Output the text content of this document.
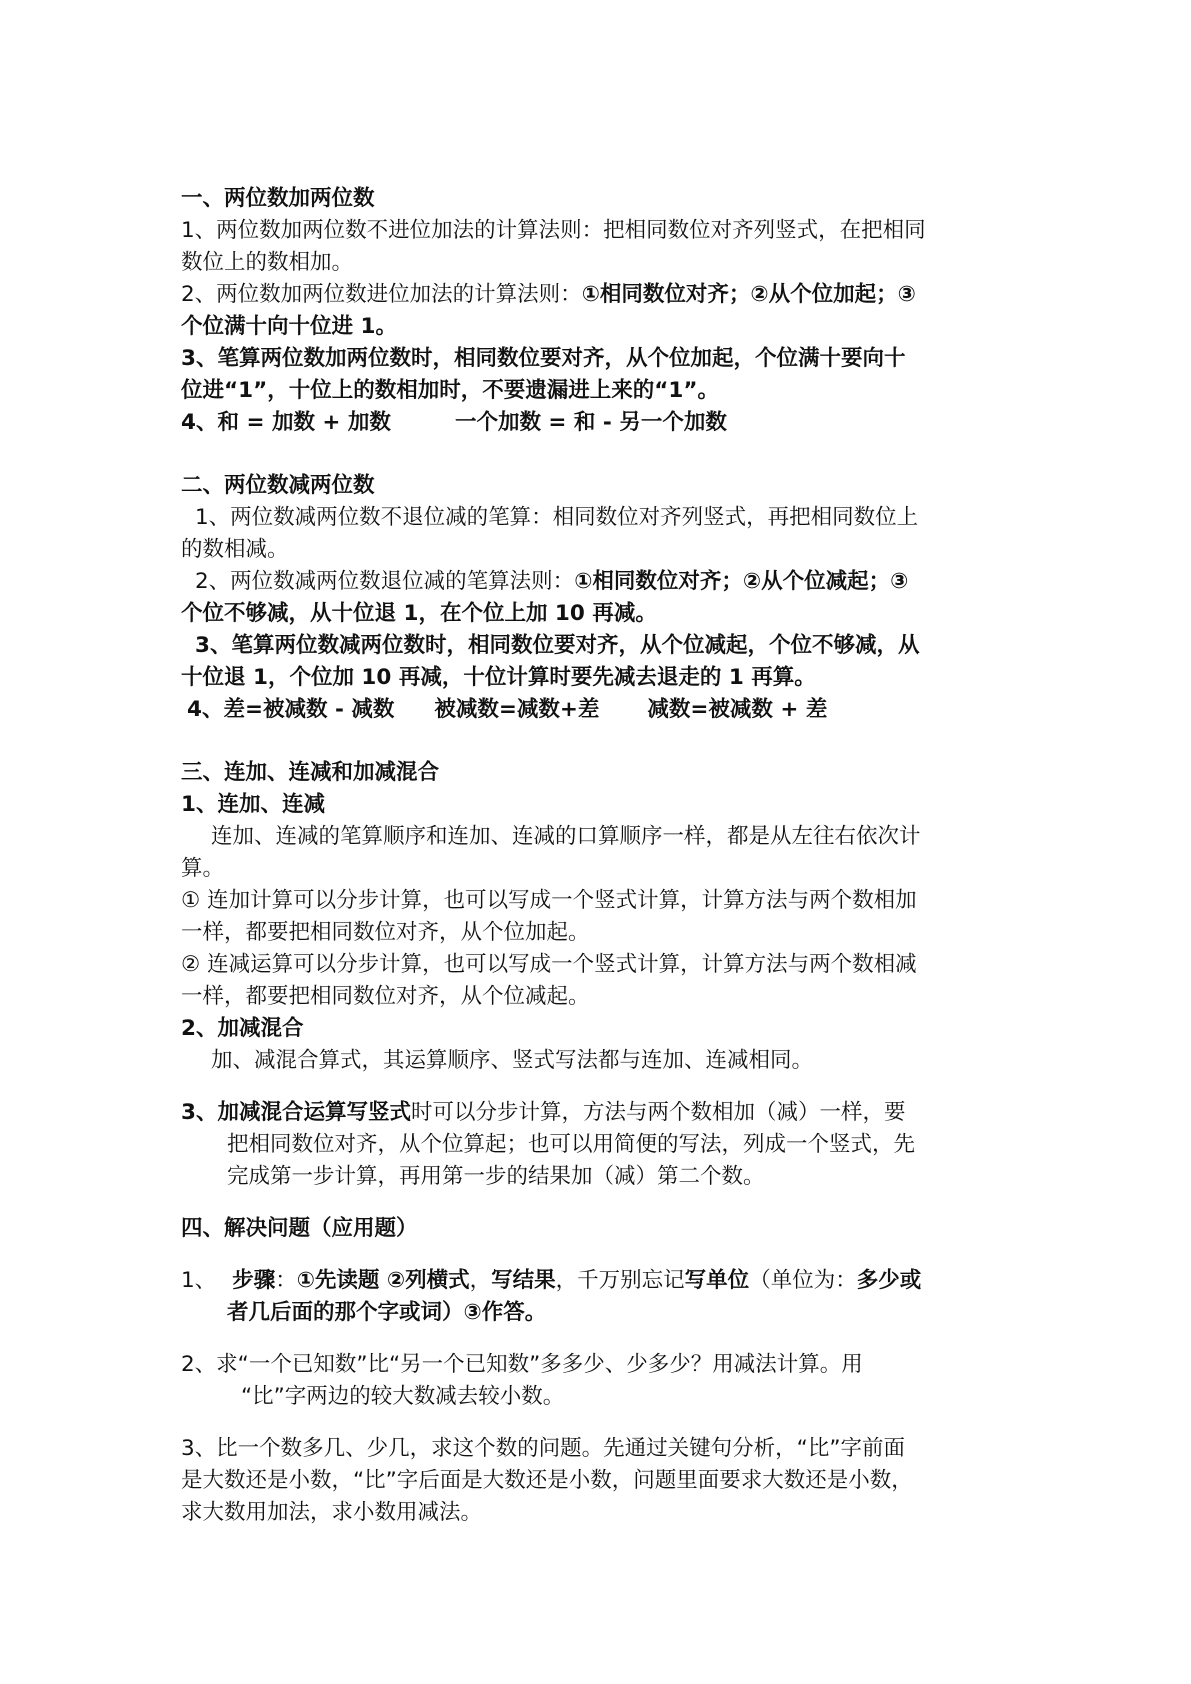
一、两位数加两位数
1、两位数加两位数不进位加法的计算法则：把相同数位对齐列竖式，在把相同
数位上的数相加。
2、两位数加两位数进位加法的计算法则：①相同数位对齐；②从个位加起；③
个位满十向十位进 1。
3、笔算两位数加两位数时，相同数位要对齐，从个位加起，个位满十要向十
位进“1”，十位上的数相加时，不要遗漏进上来的“1”。
4、和 = 加数 + 加数	一个加数 = 和 - 另一个加数
二、两位数减两位数
1、两位数减两位数不退位减的笔算：相同数位对齐列竖式，再把相同数位上
的数相减。
2、两位数减两位数退位减的笔算法则：①相同数位对齐；②从个位减起；③
个位不够减，从十位退 1，在个位上加 10 再减。
3、笔算两位数减两位数时，相同数位要对齐，从个位减起，个位不够减，从
十位退 1，个位加 10 再减，十位计算时要先减去退走的 1 再算。
4、差=被减数 - 减数 被减数=减数+差 减数=被减数 + 差
三、连加、连减和加减混合
1、连加、连减
连加、连减的笔算顺序和连加、连减的口算顺序一样，都是从左往右依次计
算。
① 连加计算可以分步计算，也可以写成一个竖式计算，计算方法与两个数相加
一样，都要把相同数位对齐，从个位加起。
② 连减运算可以分步计算，也可以写成一个竖式计算，计算方法与两个数相减
一样，都要把相同数位对齐，从个位减起。
2、加减混合
加、减混合算式，其运算顺序、竖式写法都与连加、连减相同。
3、加减混合运算写竖式时可以分步计算，方法与两个数相加（减）一样，要
把相同数位对齐，从个位算起；也可以用简便的写法，列成一个竖式，先
完成第一步计算，再用第一步的结果加（减）第二个数。
四、解决问题（应用题）
1、 步骤：①先读题 ②列横式，写结果，千万别忘记写单位（单位为：多少或
者几后面的那个字或词）③作答。
2、求“一个已知数”比“另一个已知数”多多少、少多少？用减法计算。用
“比”字两边的较大数减去较小数。
3、比一个数多几、少几，求这个数的问题。先通过关键句分析，“比”字前面
是大数还是小数，“比”字后面是大数还是小数，问题里面要求大数还是小数，
求大数用加法，求小数用减法。
